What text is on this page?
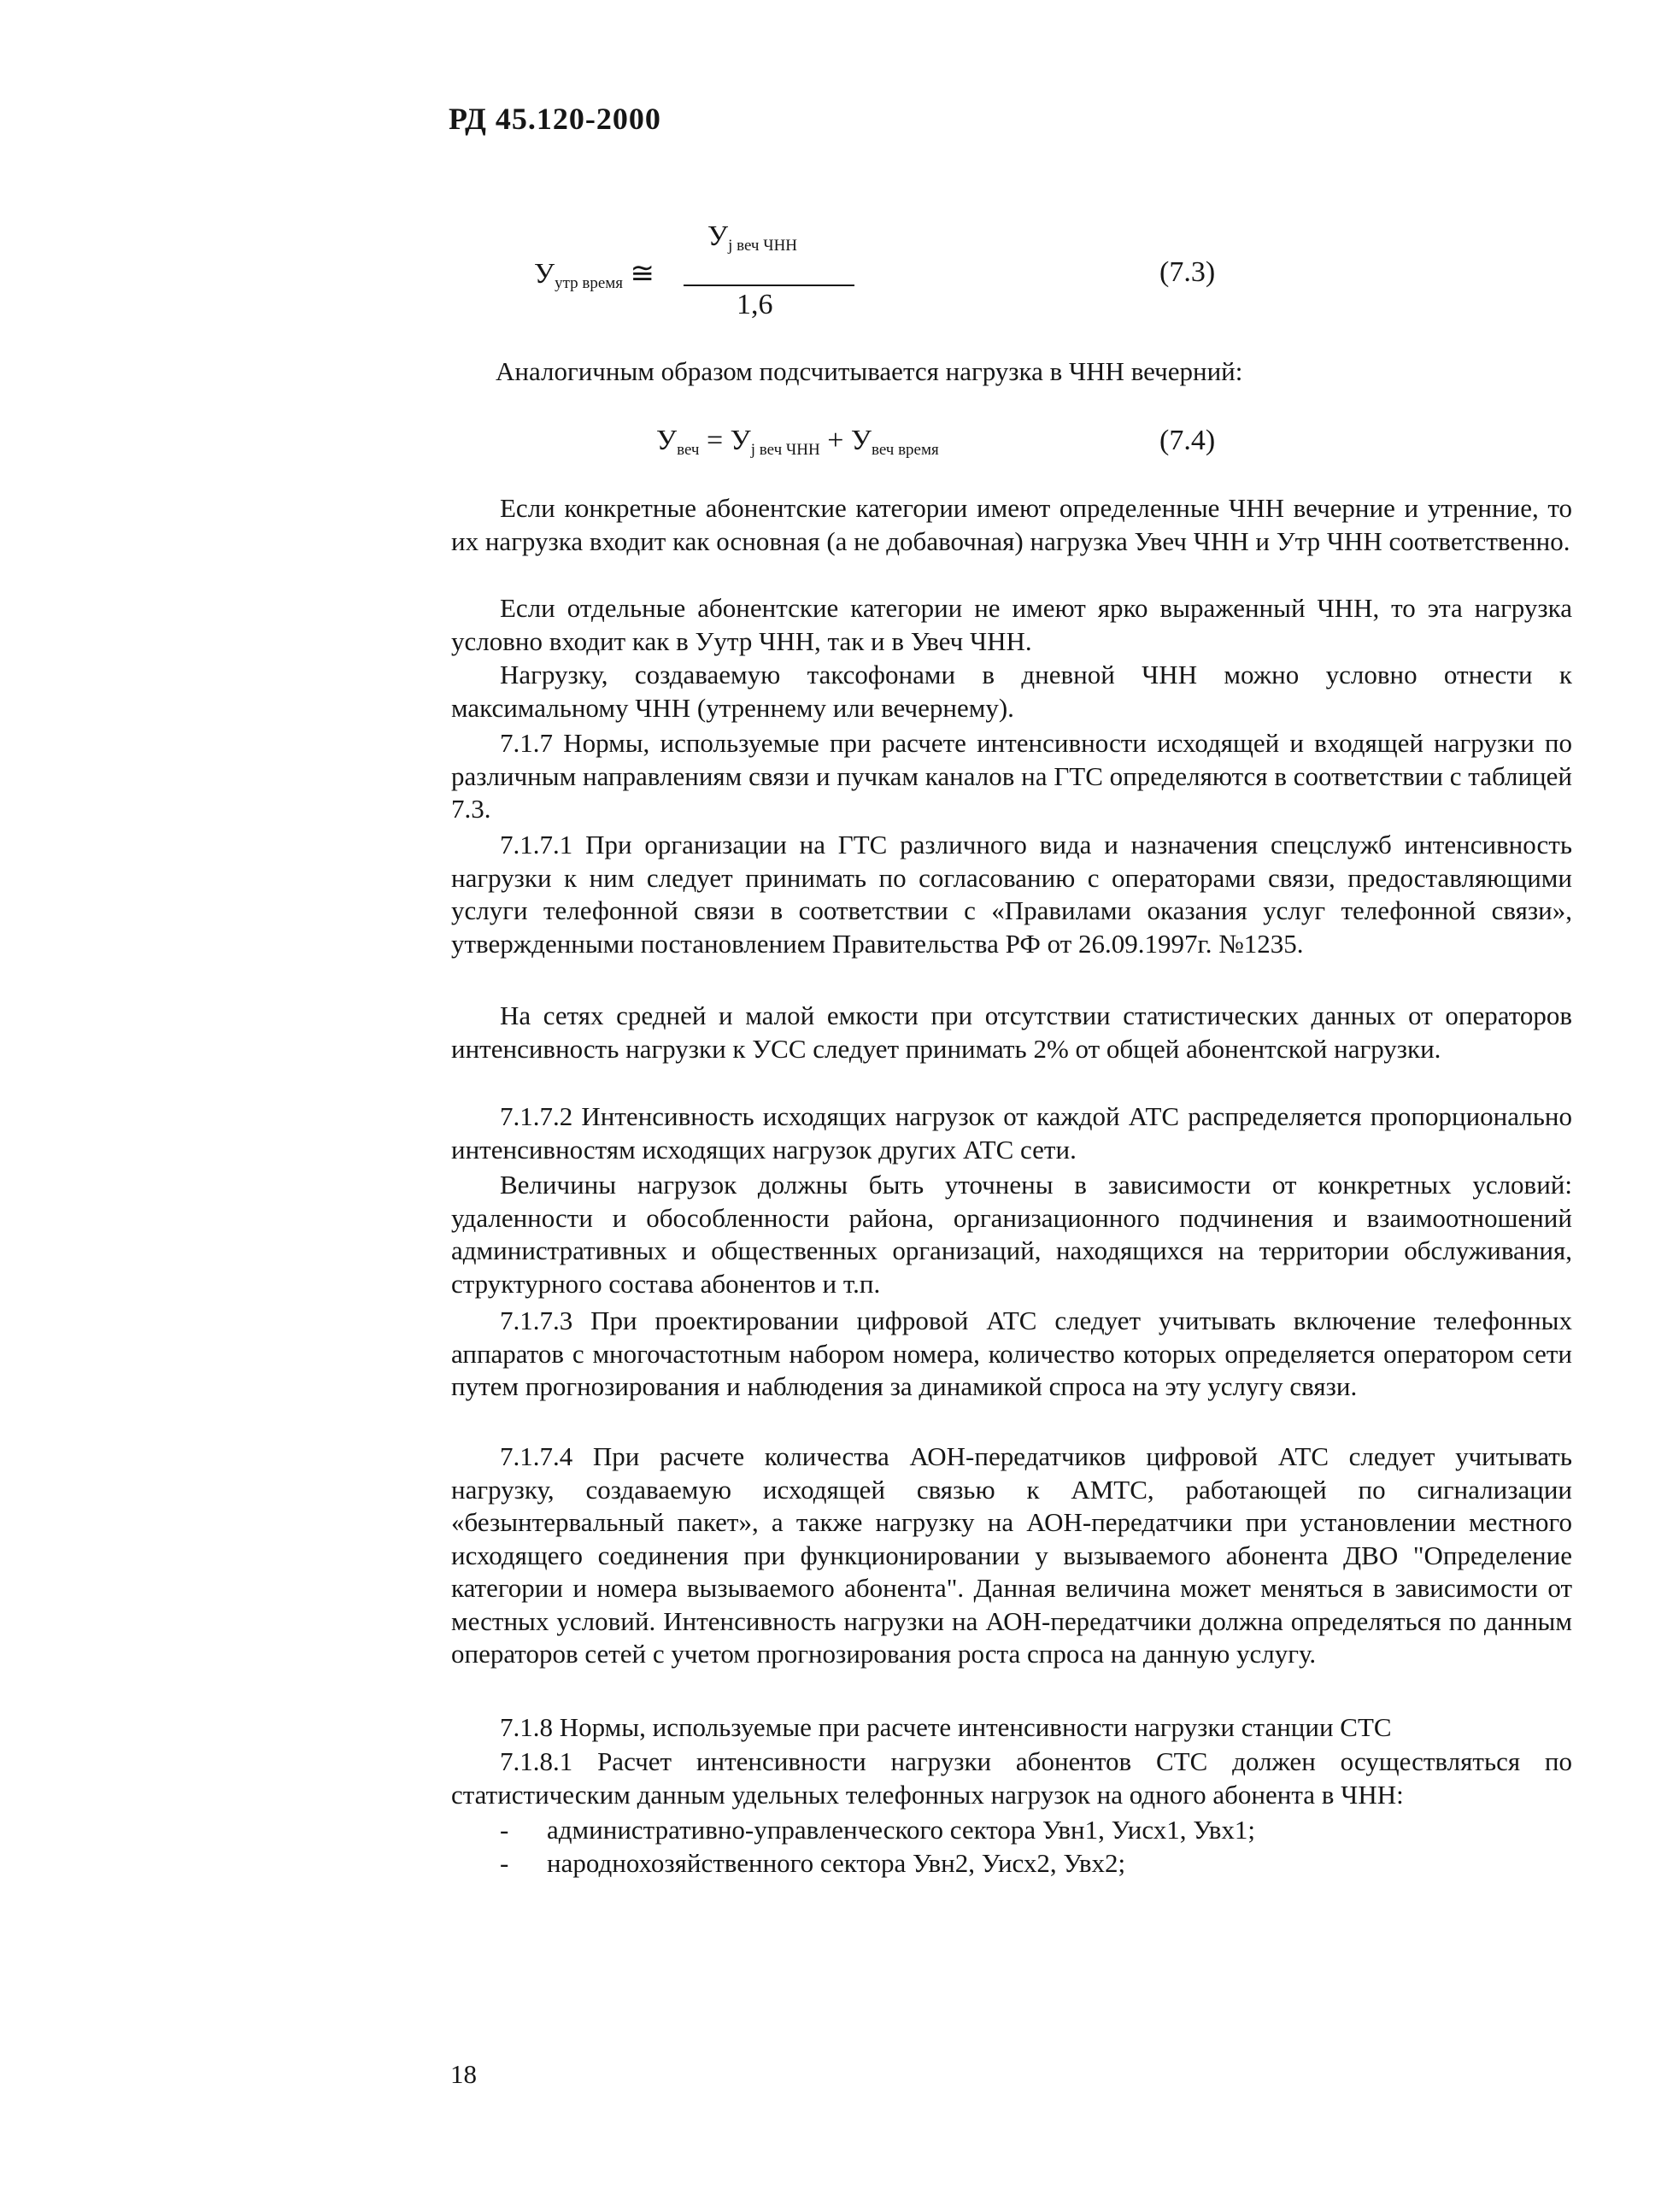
РД 45.120-2000
$У_{j веч ЧНН}$
$У_{утр время}$ ≅
1,6
(7.3)
Аналогичным образом подсчитывается нагрузка в ЧНН вечерний:
$У_{веч} = У_{j веч ЧНН} + У_{веч время}$	(7.4)

Если конкретные абонентские категории имеют определенные ЧНН вечерние и утренние, то их нагрузка входит как основная (а не добавочная) нагрузка Увеч ЧНН и Утр ЧНН соответственно.

Если отдельные абонентские категории не имеют ярко выраженный ЧНН, то эта нагрузка условно входит как в Уутр ЧНН, так и в Увеч ЧНН.

Нагрузку, создаваемую таксофонами в дневной ЧНН можно условно отнести к максимальному ЧНН (утреннему или вечернему).

7.1.7 Нормы, используемые при расчете интенсивности исходящей и входящей нагрузки по различным направлениям связи и пучкам каналов на ГТС определяются в соответствии с таблицей 7.3.

7.1.7.1 При организации на ГТС различного вида и назначения спецслужб интенсивность нагрузки к ним следует принимать по согласованию с операторами связи, предоставляющими услуги телефонной связи в соответствии с «Правилами оказания услуг телефонной связи», утвержденными постановлением Правительства РФ от 26.09.1997г. №1235.

На сетях средней и малой емкости при отсутствии статистических данных от операторов интенсивность нагрузки к УСС следует принимать 2% от общей абонентской нагрузки.

7.1.7.2 Интенсивность исходящих нагрузок от каждой АТС распределяется пропорционально интенсивностям исходящих нагрузок других АТС сети.

Величины нагрузок должны быть уточнены в зависимости от конкретных условий: удаленности и обособленности района, организационного подчинения и взаимоотношений административных и общественных организаций, находящихся на территории обслуживания, структурного состава абонентов и т.п.

7.1.7.3 При проектировании цифровой АТС следует учитывать включение телефонных аппаратов с многочастотным набором номера, количество которых определяется оператором сети путем прогнозирования и наблюдения за динамикой спроса на эту услугу связи.

7.1.7.4 При расчете количества АОН-передатчиков цифровой АТС следует учитывать нагрузку, создаваемую исходящей связью к АМТС, работающей по сигнализации «безынтервальный пакет», а также нагрузку на АОН-передатчики при установлении местного исходящего соединения при функционировании у вызываемого абонента ДВО "Определение категории и номера вызываемого абонента". Данная величина может меняться в зависимости от местных условий. Интенсивность нагрузки на АОН-передатчики должна определяться по данным операторов сетей с учетом прогнозирования роста спроса на данную услугу.

7.1.8 Нормы, используемые при расчете интенсивности нагрузки станции СТС

7.1.8.1 Расчет интенсивности нагрузки абонентов СТС должен осуществляться по статистическим данным удельных телефонных нагрузок на одного абонента в ЧНН:

- административно-управленческого сектора Увн1, Уисх1, Увх1;
- народнохозяйственного сектора Увн2, Уисх2, Увх2;
18
